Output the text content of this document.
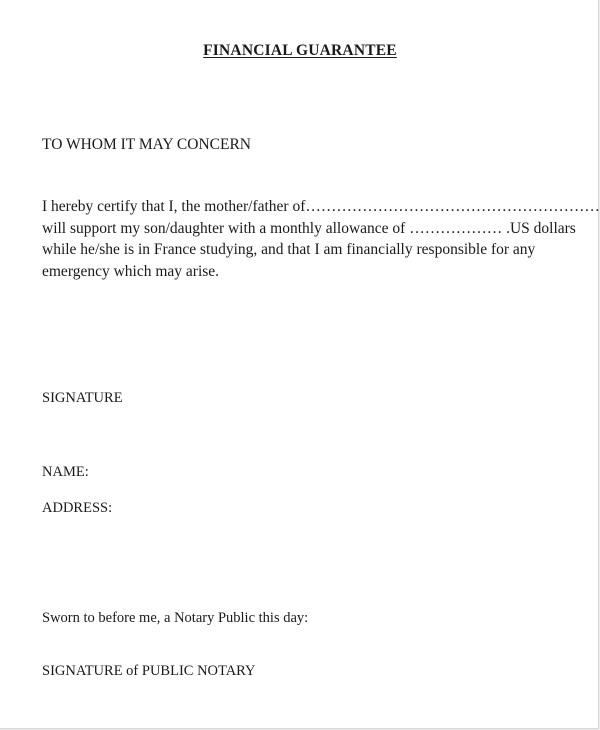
FINANCIAL GUARANTEE
TO WHOM IT MAY CONCERN
I hereby certify that I, the mother/father of…………………………………………………
will support my son/daughter with a monthly allowance of ……………… .US dollars
while he/she is in France studying, and that I am financially responsible for any
emergency which may arise.
SIGNATURE
NAME:
ADDRESS:
Sworn to before me, a Notary Public this day:
SIGNATURE of PUBLIC NOTARY
